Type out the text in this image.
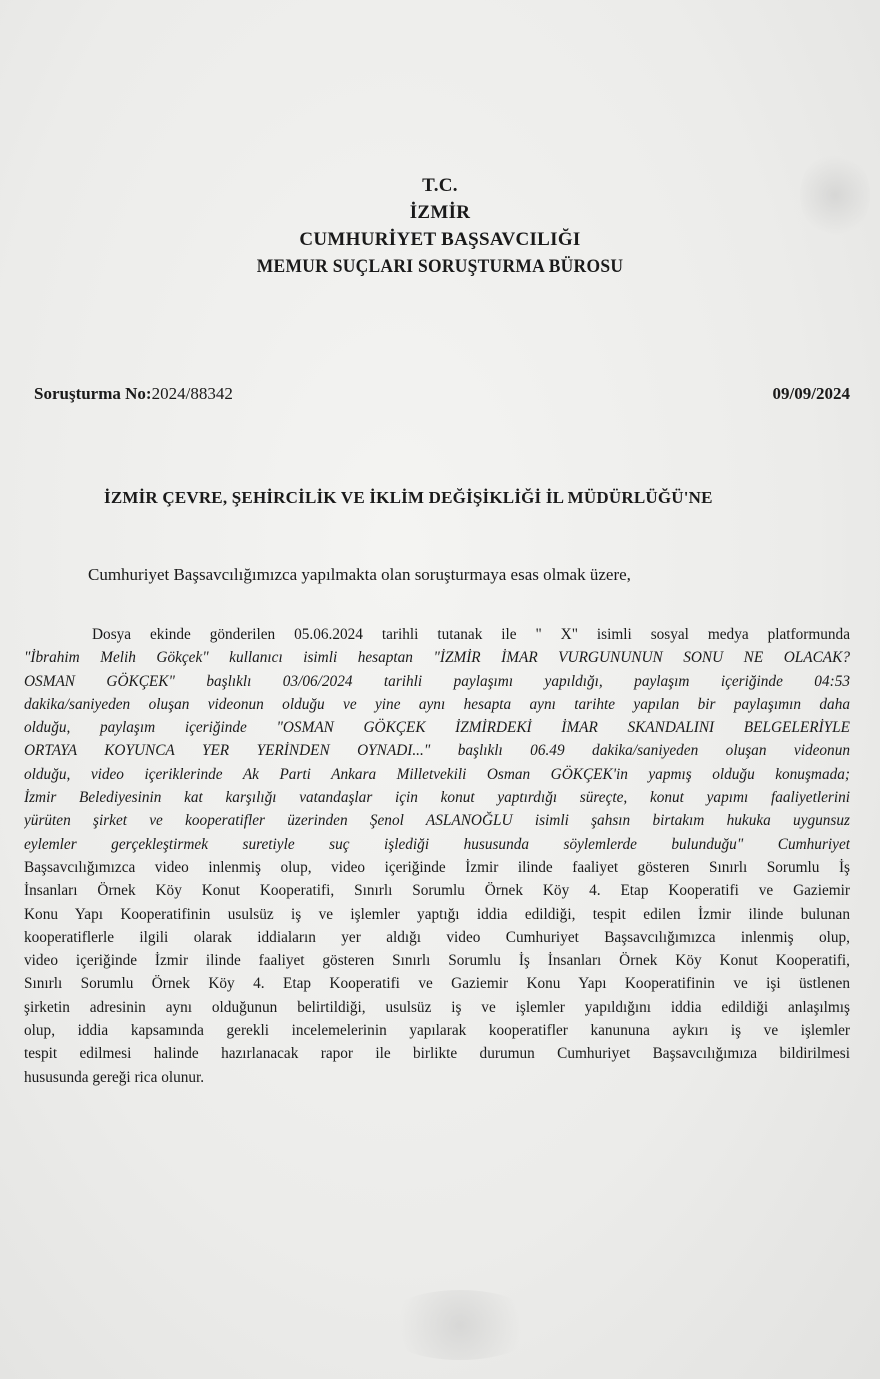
T.C.
İZMİR
CUMHURİYET BAŞSAVCILIĞI
MEMUR SUÇLARI SORUŞTURMA BÜROSU
Soruşturma No:2024/88342	09/09/2024
İZMİR ÇEVRE, ŞEHİRCİLİK VE İKLİM DEĞİŞİKLİĞİ İL MÜDÜRLÜĞÜ'NE
Cumhuriyet Başsavcılığımızca yapılmakta olan soruşturmaya esas olmak üzere,
Dosya ekinde gönderilen 05.06.2024 tarihli tutanak ile " X" isimli sosyal medya platformunda
"İbrahim Melih Gökçek" kullanıcı isimli hesaptan "İZMİR İMAR VURGUNUNUN SONU NE OLACAK?
OSMAN GÖKÇEK" başlıklı 03/06/2024 tarihli paylaşımı yapıldığı, paylaşım içeriğinde 04:53
dakika/saniyeden oluşan videonun olduğu ve yine aynı hesapta aynı tarihte yapılan bir paylaşımın daha
olduğu, paylaşım içeriğinde "OSMAN GÖKÇEK İZMİRDEKİ İMAR SKANDALINI BELGELERİYLE
ORTAYA KOYUNCA YER YERİNDEN OYNADI..." başlıklı 06.49 dakika/saniyeden oluşan videonun
olduğu, video içeriklerinde Ak Parti Ankara Milletvekili Osman GÖKÇEK'in yapmış olduğu konuşmada;
İzmir Belediyesinin kat karşılığı vatandaşlar için konut yaptırdığı süreçte, konut yapımı faaliyetlerini
yürüten şirket ve kooperatifler üzerinden Şenol ASLANOĞLU isimli şahsın birtakım hukuka uygunsuz
eylemler gerçekleştirmek suretiyle suç işlediği hususunda söylemlerde bulunduğu" Cumhuriyet
Başsavcılığımızca video inlenmiş olup, video içeriğinde İzmir ilinde faaliyet gösteren Sınırlı Sorumlu İş
İnsanları Örnek Köy Konut Kooperatifi, Sınırlı Sorumlu Örnek Köy 4. Etap Kooperatifi ve Gaziemir
Konu Yapı Kooperatifinin usulsüz iş ve işlemler yaptığı iddia edildiği, tespit edilen İzmir ilinde bulunan
kooperatiflerle ilgili olarak iddiaların yer aldığı video Cumhuriyet Başsavcılığımızca inlenmiş olup,
video içeriğinde İzmir ilinde faaliyet gösteren Sınırlı Sorumlu İş İnsanları Örnek Köy Konut Kooperatifi,
Sınırlı Sorumlu Örnek Köy 4. Etap Kooperatifi ve Gaziemir Konu Yapı Kooperatifinin ve işi üstlenen
şirketin adresinin aynı olduğunun belirtildiği, usulsüz iş ve işlemler yapıldığını iddia edildiği anlaşılmış
olup, iddia kapsamında gerekli incelemelerinin yapılarak kooperatifler kanununa aykırı iş ve işlemler
tespit edilmesi halinde hazırlanacak rapor ile birlikte durumun Cumhuriyet Başsavcılığımıza bildirilmesi
hususunda gereği rica olunur.
